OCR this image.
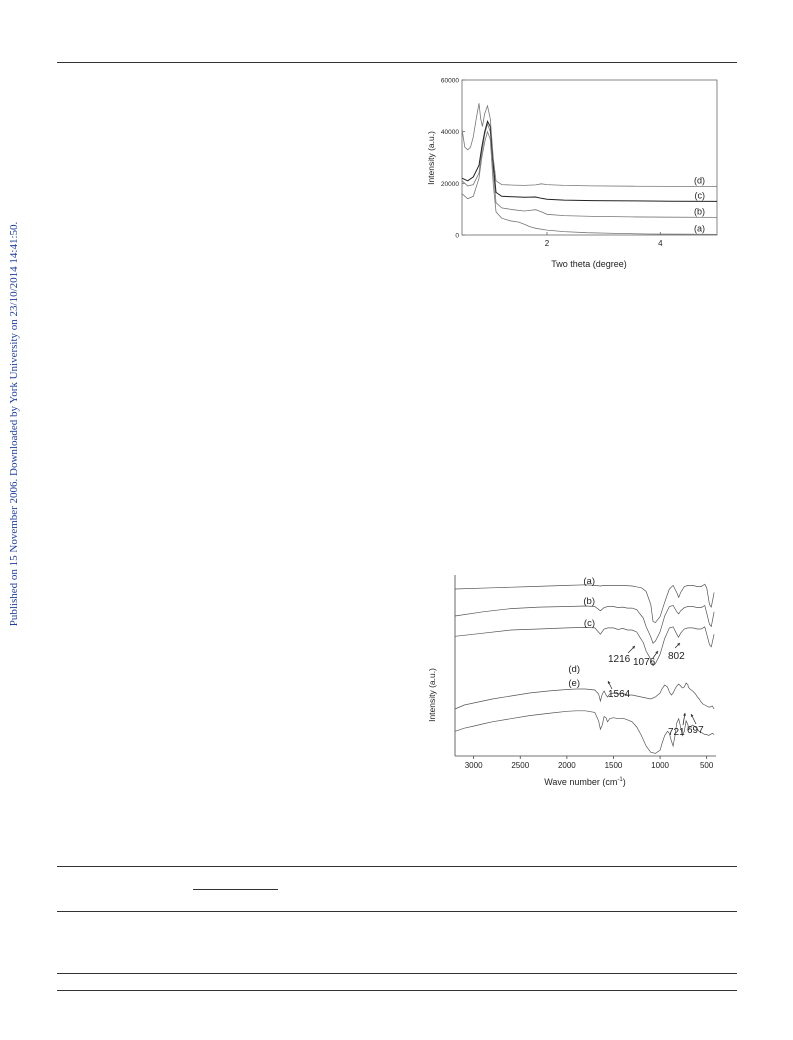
Published on 15 November 2006. Downloaded by York University on 23/10/2014 14:41:50.	0
20000
40000
60000
2	4
(a)
(b)
(c)
(d)
Two theta (degree)
Intensity (a.u.)
3000	2500	2000	1500	1000	500
(a)
(b)
(c)
(d)
(e)
1216	802
1076
1564
721 697
Wave number $(cm^{-1})$
Intensity (a.u.)
